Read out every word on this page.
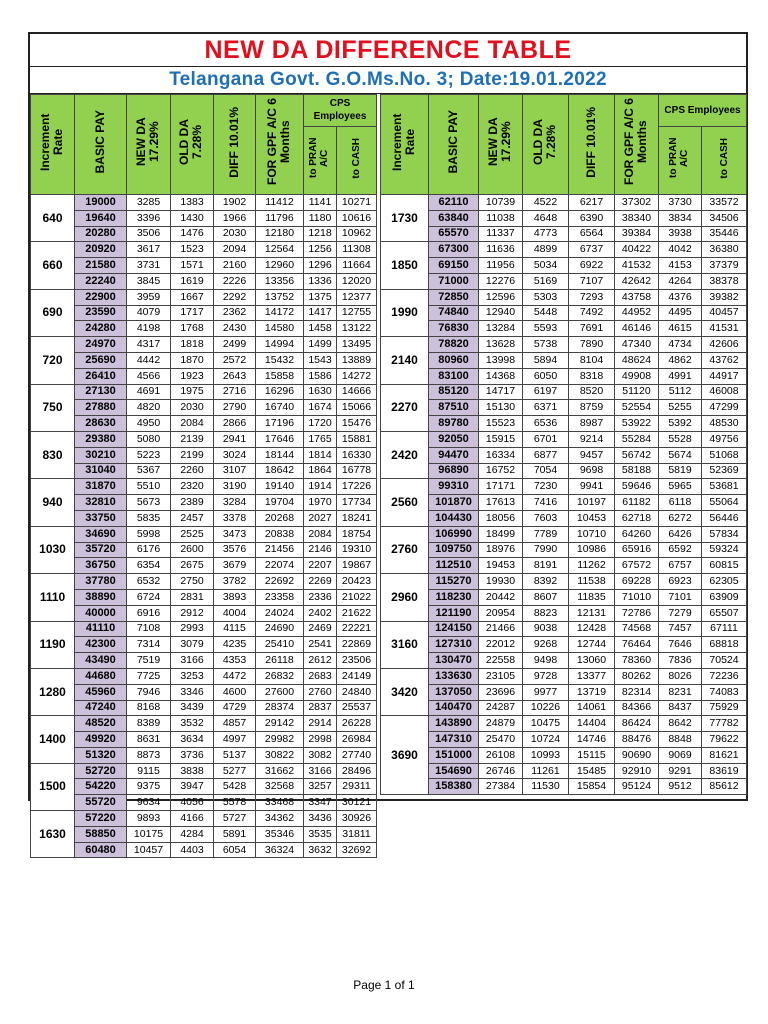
NEW DA DIFFERENCE TABLE
Telangana Govt. G.O.Ms.No. 3; Date:19.01.2022
Increment Rate	BASIC PAY	NEW DA 17.29%	OLD DA 7.28%	DIFF 10.01%	FOR GPF A/C 6 Months	CPS Employees	
						to PRAN A/C	to CASH
640	19000	3285	1383	1902	11412	1141	10271
	19640	3396	1430	1966	11796	1180	10616
	20280	3506	1476	2030	12180	1218	10962
660	20920	3617	1523	2094	12564	1256	11308
	21580	3731	1571	2160	12960	1296	11664
	22240	3845	1619	2226	13356	1336	12020
690	22900	3959	1667	2292	13752	1375	12377
	23590	4079	1717	2362	14172	1417	12755
	24280	4198	1768	2430	14580	1458	13122
720	24970	4317	1818	2499	14994	1499	13495
	25690	4442	1870	2572	15432	1543	13889
	26410	4566	1923	2643	15858	1586	14272
750	27130	4691	1975	2716	16296	1630	14666
	27880	4820	2030	2790	16740	1674	15066
	28630	4950	2084	2866	17196	1720	15476
830	29380	5080	2139	2941	17646	1765	15881
	30210	5223	2199	3024	18144	1814	16330
	31040	5367	2260	3107	18642	1864	16778
940	31870	5510	2320	3190	19140	1914	17226
	32810	5673	2389	3284	19704	1970	17734
	33750	5835	2457	3378	20268	2027	18241
1030	34690	5998	2525	3473	20838	2084	18754
	35720	6176	2600	3576	21456	2146	19310
	36750	6354	2675	3679	22074	2207	19867
1110	37780	6532	2750	3782	22692	2269	20423
	38890	6724	2831	3893	23358	2336	21022
	40000	6916	2912	4004	24024	2402	21622
1190	41110	7108	2993	4115	24690	2469	22221
	42300	7314	3079	4235	25410	2541	22869
	43490	7519	3166	4353	26118	2612	23506
1280	44680	7725	3253	4472	26832	2683	24149
	45960	7946	3346	4600	27600	2760	24840
	47240	8168	3439	4729	28374	2837	25537
1400	48520	8389	3532	4857	29142	2914	26228
	49920	8631	3634	4997	29982	2998	26984
	51320	8873	3736	5137	30822	3082	27740
1500	52720	9115	3838	5277	31662	3166	28496
	54220	9375	3947	5428	32568	3257	29311
	55720	9634	4056	5578	33468	3347	30121
1630	57220	9893	4166	5727	34362	3436	30926
	58850	10175	4284	5891	35346	3535	31811
	60480	10457	4403	6054	36324	3632	32692
Increment Rate	BASIC PAY	NEW DA 17.29%	OLD DA 7.28%	DIFF 10.01%	FOR GPF A/C 6 Months	CPS Employees	
						to PRAN A/C	to CASH
1730	62110	10739	4522	6217	37302	3730	33572
	63840	11038	4648	6390	38340	3834	34506
	65570	11337	4773	6564	39384	3938	35446
1850	67300	11636	4899	6737	40422	4042	36380
	69150	11956	5034	6922	41532	4153	37379
	71000	12276	5169	7107	42642	4264	38378
1990	72850	12596	5303	7293	43758	4376	39382
	74840	12940	5448	7492	44952	4495	40457
	76830	13284	5593	7691	46146	4615	41531
2140	78820	13628	5738	7890	47340	4734	42606
	80960	13998	5894	8104	48624	4862	43762
	83100	14368	6050	8318	49908	4991	44917
2270	85120	14717	6197	8520	51120	5112	46008
	87510	15130	6371	8759	52554	5255	47299
	89780	15523	6536	8987	53922	5392	48530
2420	92050	15915	6701	9214	55284	5528	49756
	94470	16334	6877	9457	56742	5674	51068
	96890	16752	7054	9698	58188	5819	52369
2560	99310	17171	7230	9941	59646	5965	53681
	101870	17613	7416	10197	61182	6118	55064
	104430	18056	7603	10453	62718	6272	56446
2760	106990	18499	7789	10710	64260	6426	57834
	109750	18976	7990	10986	65916	6592	59324
	112510	19453	8191	11262	67572	6757	60815
2960	115270	19930	8392	11538	69228	6923	62305
	118230	20442	8607	11835	71010	7101	63909
	121190	20954	8823	12131	72786	7279	65507
3160	124150	21466	9038	12428	74568	7457	67111
	127310	22012	9268	12744	76464	7646	68818
	130470	22558	9498	13060	78360	7836	70524
3420	133630	23105	9728	13377	80262	8026	72236
	137050	23696	9977	13719	82314	8231	74083
	140470	24287	10226	14061	84366	8437	75929
3690	143890	24879	10475	14404	86424	8642	77782
	147310	25470	10724	14746	88476	8848	79622
	151000	26108	10993	15115	90690	9069	81621
	154690	26746	11261	15485	92910	9291	83619
	158380	27384	11530	15854	95124	9512	85612
Page 1 of 1
